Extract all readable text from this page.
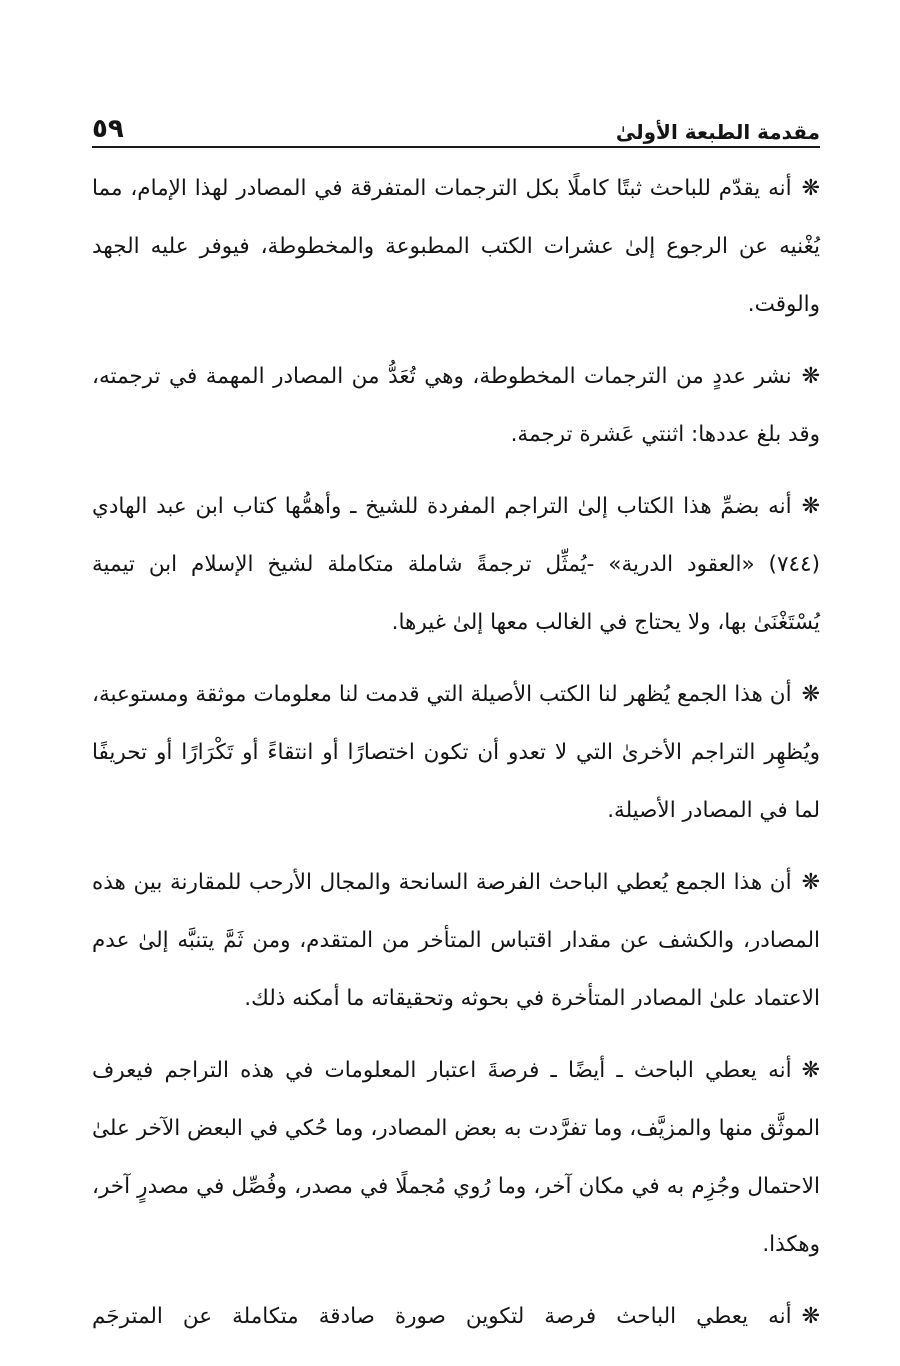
مقدمة الطبعة الأولىٰ
٥٩

❋أنه يقدّم للباحث ثبتًا كاملًا بكل الترجمات المتفرقة في المصادر لهذا الإمام، مما يُغْنيه عن الرجوع إلىٰ عشرات الكتب المطبوعة والمخطوطة، فيوفر عليه الجهد والوقت.

❋نشر عددٍ من الترجمات المخطوطة، وهي تُعَدُّ من المصادر المهمة في ترجمته، وقد بلغ عددها: اثنتي عَشرة ترجمة.

❋أنه بضمِّ هذا الكتاب إلىٰ التراجم المفردة للشيخ ـ وأهمُّها كتاب ابن عبد الهادي (٧٤٤) «العقود الدرية» -يُمثِّل ترجمةً شاملة متكاملة لشيخ الإسلام ابن تيمية يُسْتَغْنَىٰ بها، ولا يحتاج في الغالب معها إلىٰ غيرها.

❋أن هذا الجمع يُظهر لنا الكتب الأصيلة التي قدمت لنا معلومات موثقة ومستوعبة، ويُظهِر التراجم الأخرىٰ التي لا تعدو أن تكون اختصارًا أو انتقاءً أو تَكْرَارًا أو تحريفًا لما في المصادر الأصيلة.

❋أن هذا الجمع يُعطي الباحث الفرصة السانحة والمجال الأرحب للمقارنة بين هذه المصادر، والكشف عن مقدار اقتباس المتأخر من المتقدم، ومن ثَمَّ يتنبَّه إلىٰ عدم الاعتماد علىٰ المصادر المتأخرة في بحوثه وتحقيقاته ما أمكنه ذلك.

❋أنه يعطي الباحث ـ أيضًا ـ فرصةَ اعتبار المعلومات في هذه التراجم فيعرف الموثَّق منها والمزيَّف، وما تفرَّدت به بعض المصادر، وما حُكي في البعض الآخر علىٰ الاحتمال وجُزِم به في مكان آخر، وما رُوي مُجملًا في مصدر، وفُصِّل في مصدرٍ آخر، وهكذا.

❋أنه يعطي الباحث فرصة لتكوين صورة صادقة متكاملة عن المترجَم
